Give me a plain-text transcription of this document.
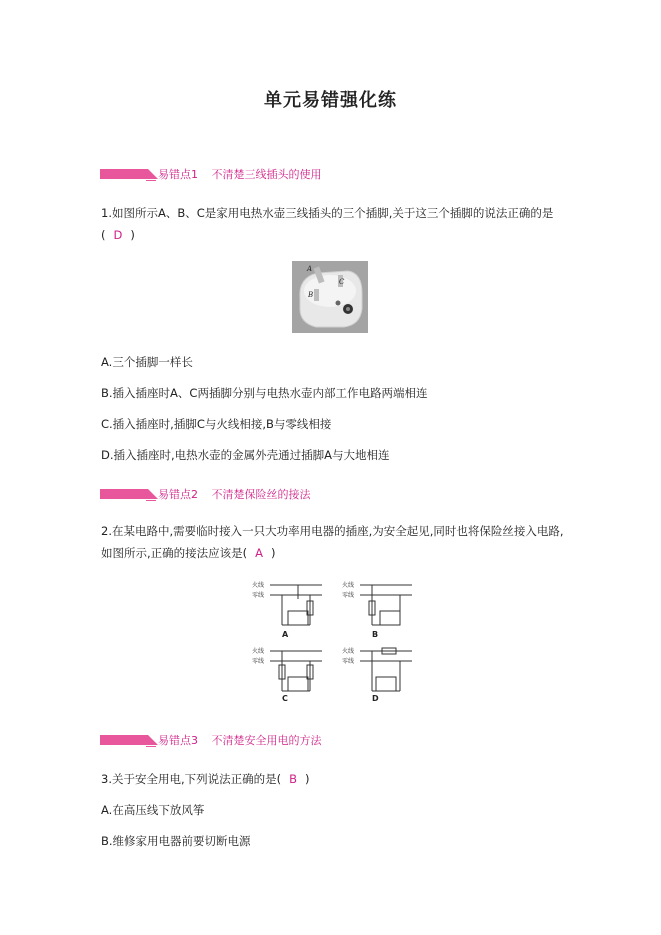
单元易错强化练
易错点1 不清楚三线插头的使用
1.如图所示A、B、C是家用电热水壶三线插头的三个插脚,关于这三个插脚的说法正确的是
( D )
A
B
C
A.三个插脚一样长
B.插入插座时A、C两插脚分别与电热水壶内部工作电路两端相连
C.插入插座时,插脚C与火线相接,B与零线相接
D.插入插座时,电热水壶的金属外壳通过插脚A与大地相连
易错点2 不清楚保险丝的接法
2.在某电路中,需要临时接入一只大功率用电器的插座,为安全起见,同时也将保险丝接入电路,
如图所示,正确的接法应该是( A )
火线
零线
火线
零线
火线
零线
火线
零线
A	B
C	D
易错点3 不清楚安全用电的方法
3.关于安全用电,下列说法正确的是( B )
A.在高压线下放风筝
B.维修家用电器前要切断电源
